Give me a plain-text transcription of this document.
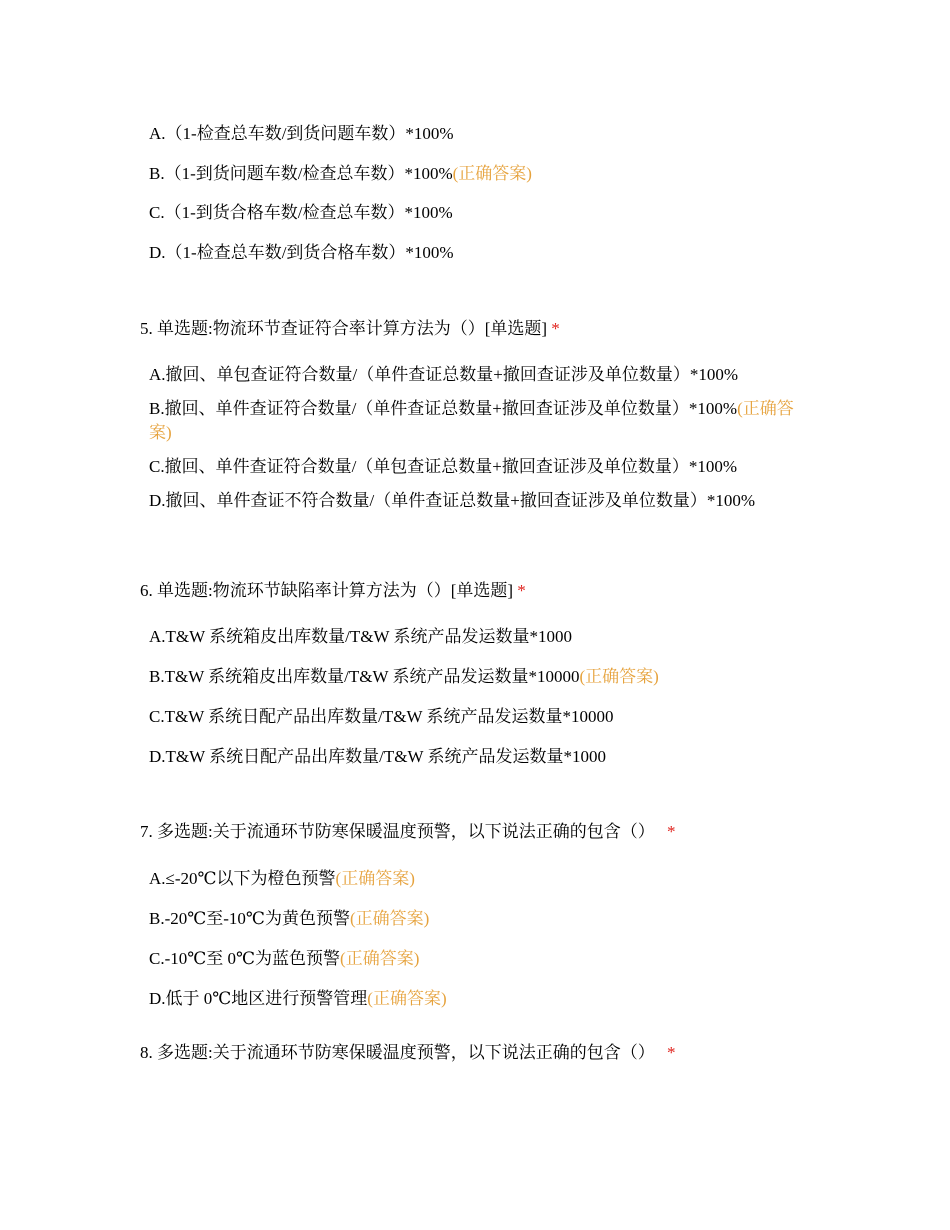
A.（1-检查总车数/到货问题车数）*100%
B.（1-到货问题车数/检查总车数）*100%(正确答案)
C.（1-到货合格车数/检查总车数）*100%
D.（1-检查总车数/到货合格车数）*100%
5. 单选题:物流环节查证符合率计算方法为（）[单选题] *
A.撤回、单包查证符合数量/（单件查证总数量+撤回查证涉及单位数量）*100%
B.撤回、单件查证符合数量/（单件查证总数量+撤回查证涉及单位数量）*100%(正确答案)
C.撤回、单件查证符合数量/（单包查证总数量+撤回查证涉及单位数量）*100%
D.撤回、单件查证不符合数量/（单件查证总数量+撤回查证涉及单位数量）*100%
6. 单选题:物流环节缺陷率计算方法为（）[单选题] *
A.T&W 系统箱皮出库数量/T&W 系统产品发运数量*1000
B.T&W 系统箱皮出库数量/T&W 系统产品发运数量*10000(正确答案)
C.T&W 系统日配产品出库数量/T&W 系统产品发运数量*10000
D.T&W 系统日配产品出库数量/T&W 系统产品发运数量*1000
7. 多选题:关于流通环节防寒保暖温度预警，以下说法正确的包含（） *
A.≤-20℃以下为橙色预警(正确答案)
B.-20℃至-10℃为黄色预警(正确答案)
C.-10℃至 0℃为蓝色预警(正确答案)
D.低于 0℃地区进行预警管理(正确答案)
8. 多选题:关于流通环节防寒保暖温度预警，以下说法正确的包含（） *
